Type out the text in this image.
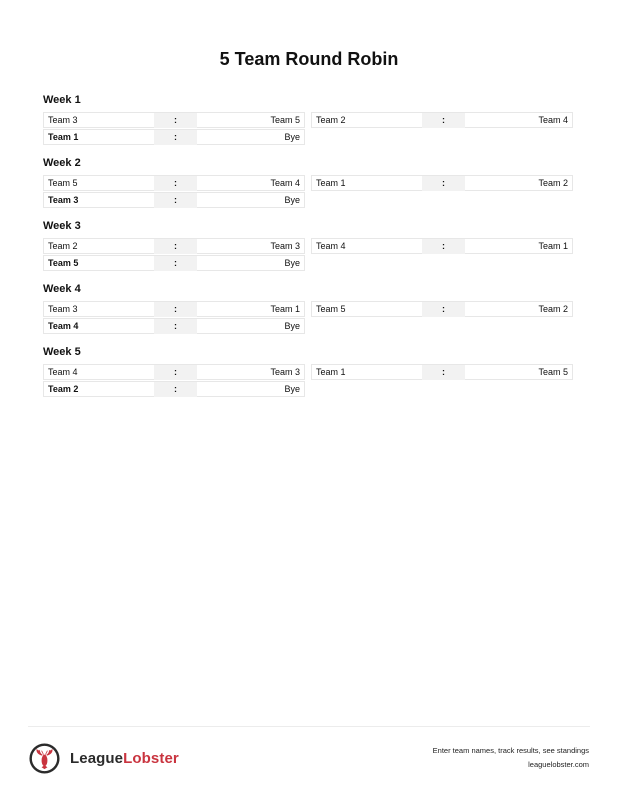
5 Team Round Robin
Week 1
Team 3	:	Team 5 Team 2	:	Team 4
Team 1	:	Bye
Week 2
Team 5	:	Team 4 Team 1	:	Team 2
Team 3	:	Bye
Week 3
Team 2	:	Team 3 Team 4	:	Team 1
Team 5	:	Bye
Week 4
Team 3	:	Team 1 Team 5	:	Team 2
Team 4	:	Bye
Week 5
Team 4	:	Team 3 Team 1	:	Team 5
Team 2	:	Bye
LeagueLobster	Enter team names, track results, see standings
leaguelobster.com
